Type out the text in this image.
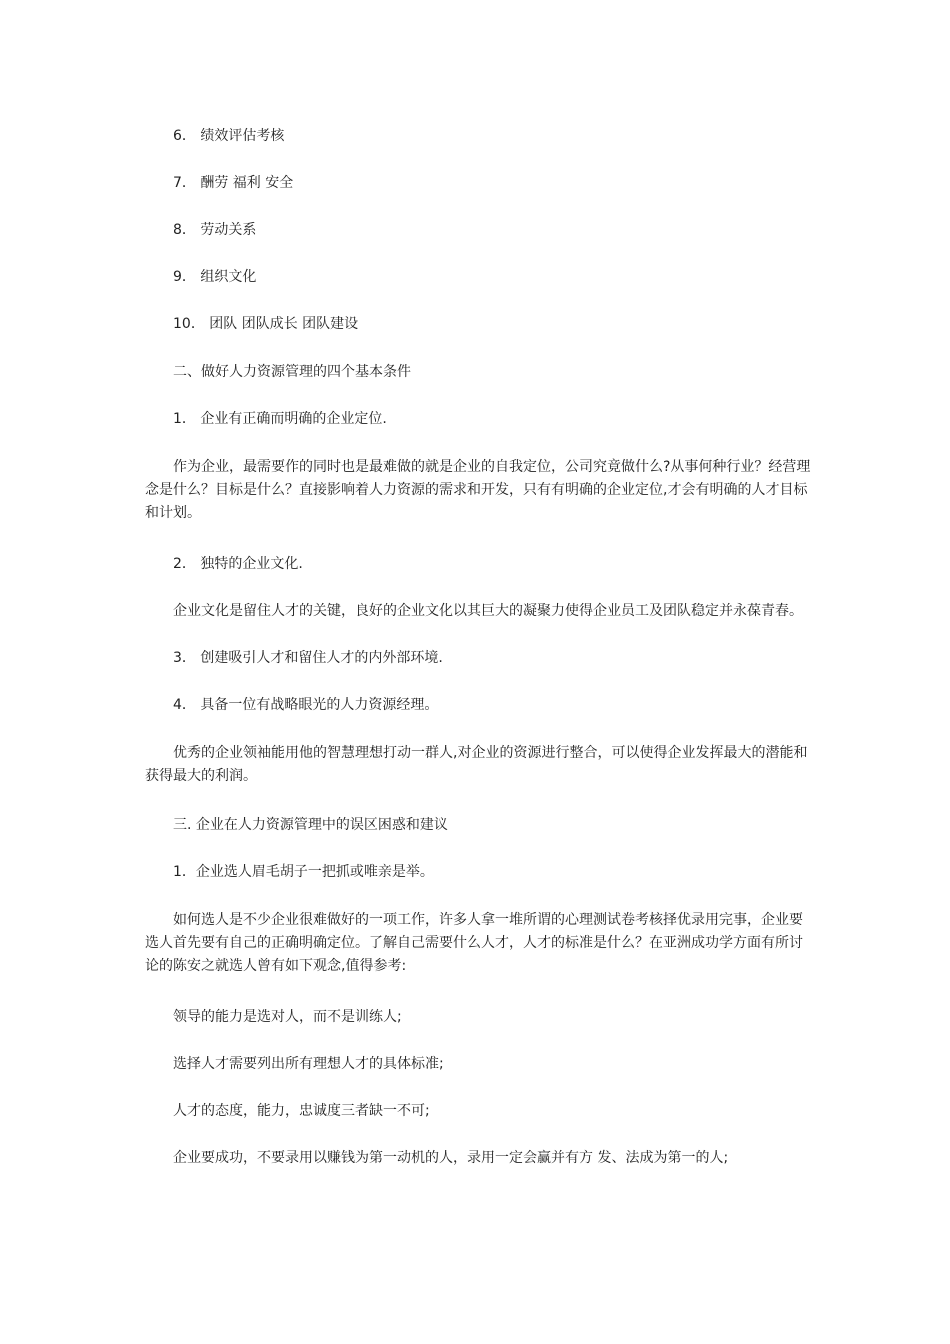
6． 绩效评估考核

7． 酬劳 福利 安全

8． 劳动关系

9． 组织文化

10． 团队 团队成长 团队建设

二、做好人力资源管理的四个基本条件

1． 企业有正确而明确的企业定位.

作为企业，最需要作的同时也是最难做的就是企业的自我定位，公司究竟做什么?从事何种行业？经营理念是什么？目标是什么？直接影响着人力资源的需求和开发，只有有明确的企业定位,才会有明确的人才目标和计划。

2． 独特的企业文化.

企业文化是留住人才的关键，良好的企业文化以其巨大的凝聚力使得企业员工及团队稳定并永葆青春。

3． 创建吸引人才和留住人才的内外部环境.

4． 具备一位有战略眼光的人力资源经理。

优秀的企业领袖能用他的智慧理想打动一群人,对企业的资源进行整合，可以使得企业发挥最大的潜能和获得最大的利润。

三. 企业在人力资源管理中的误区困惑和建议

1．企业选人眉毛胡子一把抓或唯亲是举。

如何选人是不少企业很难做好的一项工作，许多人拿一堆所谓的心理测试卷考核择优录用完事，企业要选人首先要有自己的正确明确定位。了解自己需要什么人才，人才的标准是什么？在亚洲成功学方面有所讨论的陈安之就选人曾有如下观念,值得参考:

领导的能力是选对人，而不是训练人;

选择人才需要列出所有理想人才的具体标准;

人才的态度，能力，忠诚度三者缺一不可;

企业要成功，不要录用以赚钱为第一动机的人，录用一定会赢并有方 发、法成为第一的人;
